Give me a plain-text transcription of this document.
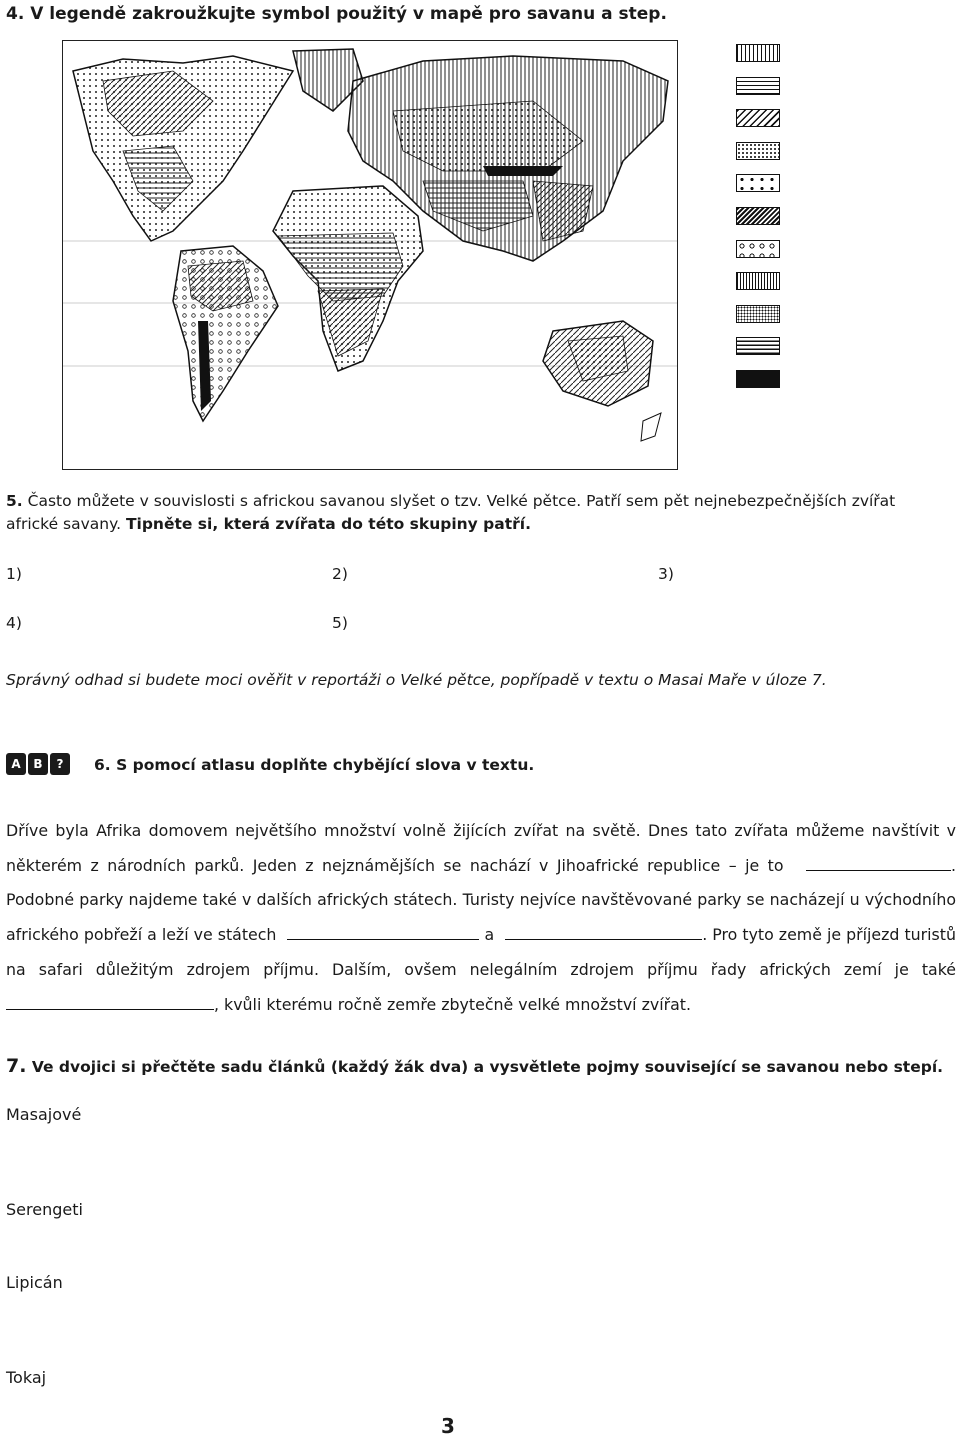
4. V legendě zakroužkujte symbol použitý v mapě pro savanu a step.
5. Často můžete v souvislosti s africkou savanou slyšet o tzv. Velké pětce. Patří sem pět nejnebezpečnějších zvířat africké savany. Tipněte si, která zvířata do této skupiny patří.
1)	2)	3)
4)	5)
Správný odhad si budete moci ověřit v reportáži o Velké pětce, popřípadě v textu o Masai Maře v úloze 7.
A	B	?	6. S pomocí atlasu doplňte chybějící slova v textu.
Dříve byla Afrika domovem největšího množství volně žijících zvířat na světě. Dnes tato zvířata můžeme navštívit v některém z národních parků. Jeden z nejznámějších se nachází v Jihoafrické republice – je to	. Podobné parky najdeme také v dalších afrických státech. Turisty nejvíce navštěvované parky se nacházejí u východního afrického pobřeží a leží ve státech	a	. Pro tyto země je příjezd turistů na safari důležitým zdrojem příjmu. Dalším, ovšem nelegálním zdrojem příjmu řady afrických zemí je také , kvůli kterému ročně zemře zbytečně velké množství zvířat.
7. Ve dvojici si přečtěte sadu článků (každý žák dva) a vysvětlete pojmy související se savanou nebo stepí.
Masajové
Serengeti
Lipicán
Tokaj
3
